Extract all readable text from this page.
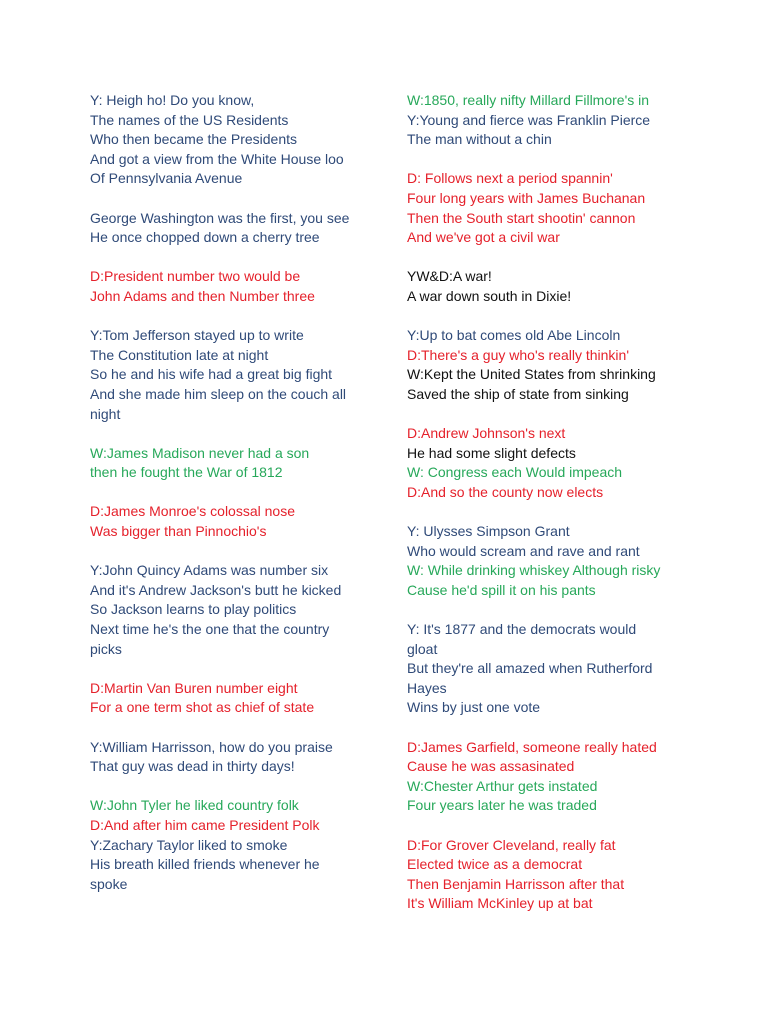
Y: Heigh ho! Do you know,
The names of the US Residents
Who then became the Presidents
And got a view from the White House loo
Of Pennsylvania Avenue
George Washington was the first, you see
He once chopped down a cherry tree
D:President number two would be
John Adams and then Number three
Y:Tom Jefferson stayed up to write
The Constitution late at night
So he and his wife had a great big fight
And she made him sleep on the couch all
night
W:James Madison never had a son
then he fought the War of 1812
D:James Monroe's colossal nose
Was bigger than Pinnochio's
Y:John Quincy Adams was number six
And it's Andrew Jackson's butt he kicked
So Jackson learns to play politics
Next time he's the one that the country
picks
D:Martin Van Buren number eight
For a one term shot as chief of state
Y:William Harrisson, how do you praise
That guy was dead in thirty days!
W:John Tyler he liked country folk
D:And after him came President Polk
Y:Zachary Taylor liked to smoke
His breath killed friends whenever he
spoke
W:1850, really nifty Millard Fillmore's in
Y:Young and fierce was Franklin Pierce
The man without a chin
D: Follows next a period spannin'
Four long years with James Buchanan
Then the South start shootin' cannon
And we've got a civil war
YW&D:A war!
A war down south in Dixie!
Y:Up to bat comes old Abe Lincoln
D:There's a guy who's really thinkin'
W:Kept the United States from shrinking
Saved the ship of state from sinking
D:Andrew Johnson's next
He had some slight defects
W: Congress each Would impeach
D:And so the county now elects
Y: Ulysses Simpson Grant
Who would scream and rave and rant
W: While drinking whiskey Although risky
Cause he'd spill it on his pants
Y: It's 1877 and the democrats would
gloat
But they're all amazed when Rutherford
Hayes
Wins by just one vote
D:James Garfield, someone really hated
Cause he was assasinated
W:Chester Arthur gets instated
Four years later he was traded
D:For Grover Cleveland, really fat
Elected twice as a democrat
Then Benjamin Harrisson after that
It's William McKinley up at bat
